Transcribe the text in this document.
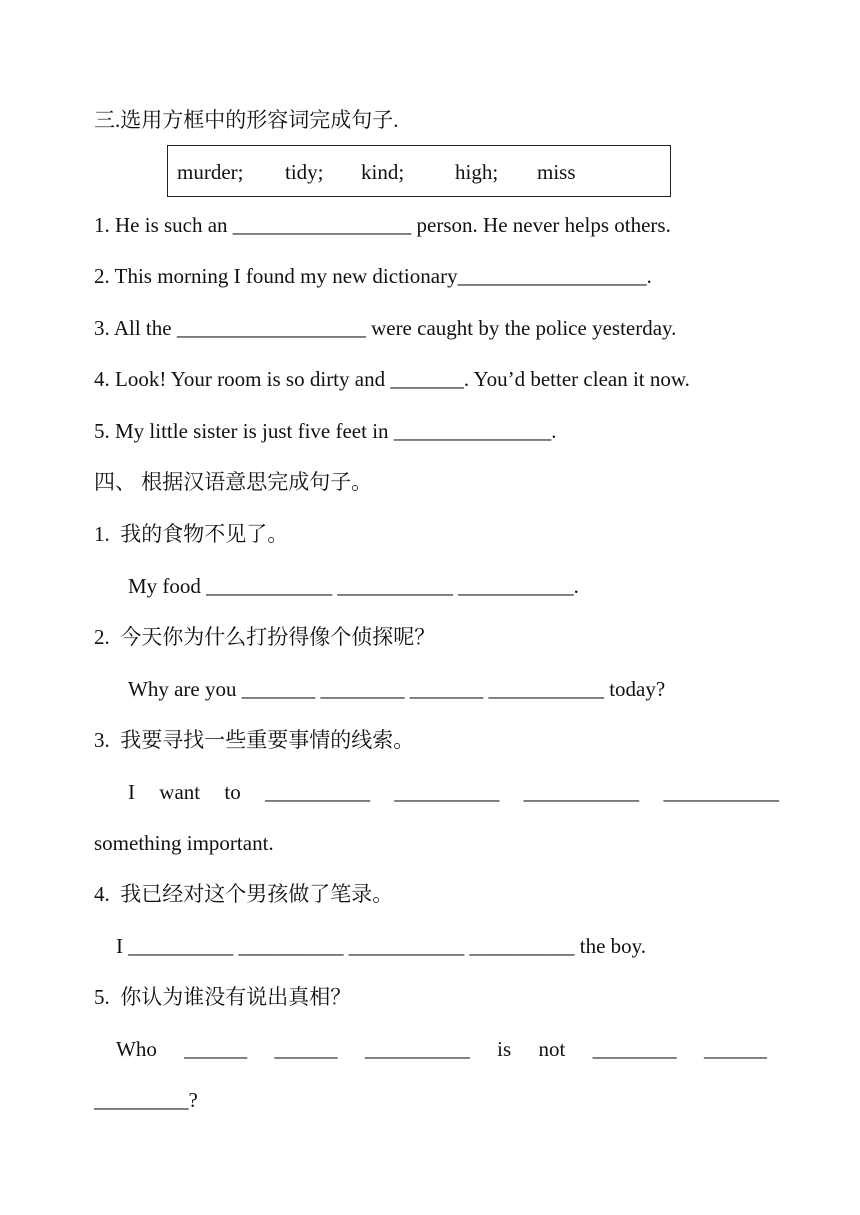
三.选用方框中的形容词完成句子.
murder; tidy; kind; high; miss
1. He is such an _________________ person. He never helps others.
2. This morning I found my new dictionary__________________.
3. All the __________________ were caught by the police yesterday.
4. Look! Your room is so dirty and _______. You’d better clean it now.
5. My little sister is just five feet in _______________.
四、 根据汉语意思完成句子。
1.  我的食物不见了。
My food ____________ ___________ ___________.
2.  今天你为什么打扮得像个侦探呢？
Why are you _______ ________ _______ ___________ today?
3.  我要寻找一些重要事情的线索。
I want to __________ __________ ___________ ___________
something important.
4.  我已经对这个男孩做了笔录。
I __________ __________ ___________ __________ the boy.
5.  你认为谁没有说出真相？
Who ______ ______ __________ is not ________ ______
_________?
